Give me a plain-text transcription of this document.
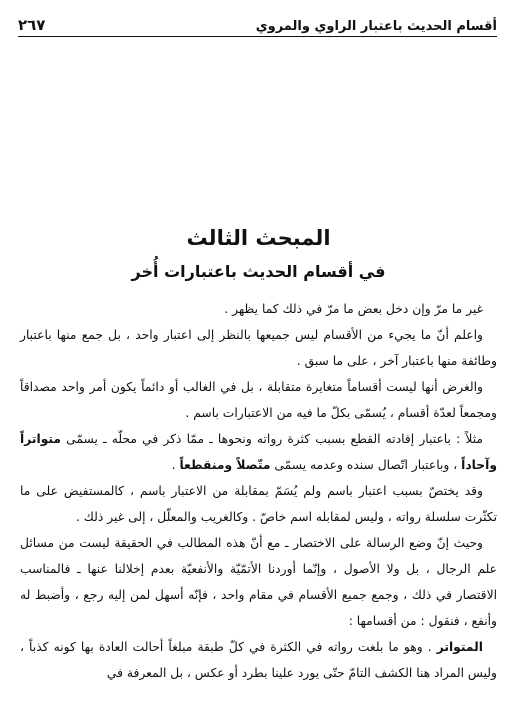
أقسام الحديث باعتبار الراوي والمروي
٢٦٧
المبحث الثالث
في أقسام الحديث باعتبارات أُخر

غير ما مرّ وإن دخل بعض ما مرّ في ذلك كما يظهر .

واعلم أنّ ما يجيء من الأقسام ليس جميعها بالنظر إلى اعتبار واحد ، بل جمع منها باعتبار وطائفة منها باعتبار آخر ، على ما سبق .

والغرض أنها ليست أقساماً متغايرة متقابلة ، بل في الغالب أو دائماً يكون أمر واحد مصداقاً ومجمعاً لعدّة أقسام ، يُسمّى بكلّ ما فيه من الاعتبارات باسم .

مثلاً : باعتبار إفادته القطع بسبب كثرة رواته ونحوها ـ ممّا ذكر في محلّه ـ يسمّى متواتراً وآحاداً ، وباعتبار اتّصال سنده وعدمه يسمّى متّصلاً ومنقطعاً .

وقد يختصّ بسبب اعتبار باسم ولم يُسَمّ بمقابلة من الاعتبار باسم ، كالمستفيض على ما تكثّرت سلسلة رواته ، وليس لمقابله اسم خاصّ . وكالغريب والمعلّل ، إلى غير ذلك .

وحيث إنّ وضع الرسالة على الاختصار ـ مع أنّ هذه المطالب في الحقيقة ليست من مسائل علم الرجال ، بل ولا الأصول ، وإنّما أوردنا الأتمّيّة والأنفعيّة بعدم إخلالنا عنها ـ فالمناسب الاقتصار في ذلك ، وجمع جميع الأقسام في مقام واحد ، فإنّه أسهل لمن إليه رجع ، وأضبط له وأنفع ، فنقول : من أقسامها :

المتواتر . وهو ما بلغت رواته في الكثرة في كلّ طبقة مبلغاً أحالت العادة بها كونه كذباً ، وليس المراد هنا الكشف التامّ حتّى يورد علينا بطرد أو عكس ، بل المعرفة في
